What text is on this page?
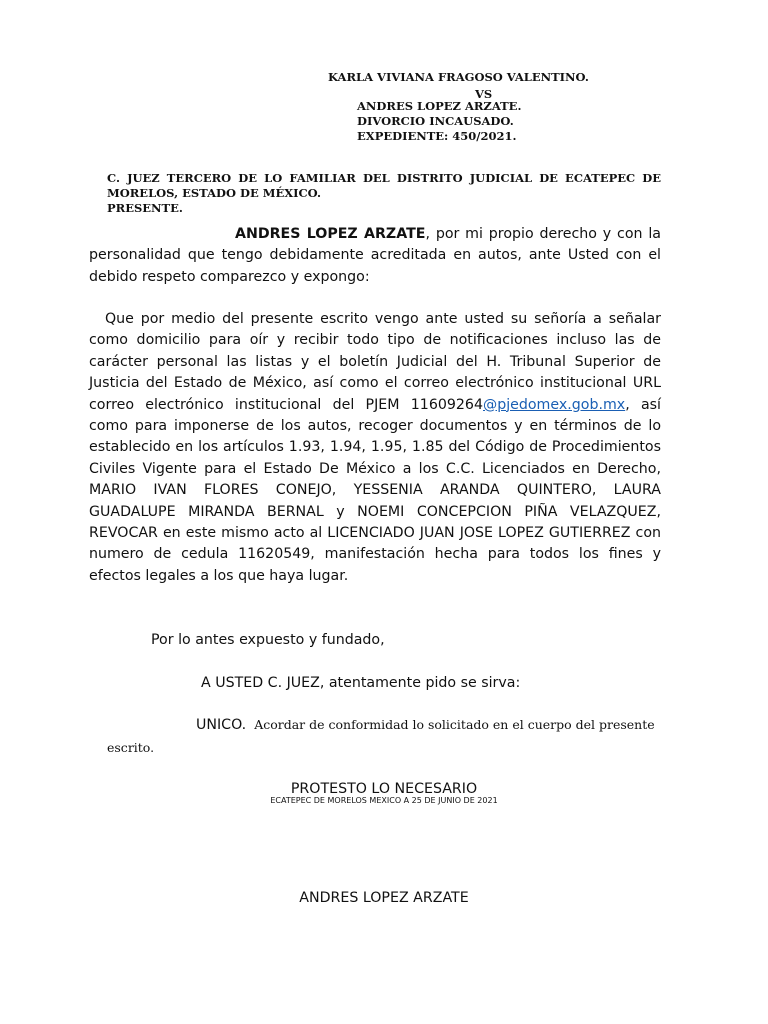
KARLA VIVIANA FRAGOSO VALENTINO.
VS
ANDRES LOPEZ ARZATE.
DIVORCIO INCAUSADO.
EXPEDIENTE: 450/2021.
C. JUEZ TERCERO DE LO FAMILIAR DEL DISTRITO JUDICIAL DE ECATEPEC DE
MORELOS, ESTADO DE MÉXICO.
PRESENTE.

ANDRES LOPEZ ARZATE, por mi propio derecho y con la personalidad que tengo debidamente acreditada en autos, ante Usted con el debido respeto comparezco y expongo:

Que por medio del presente escrito vengo ante usted su señoría a señalar como domicilio para oír y recibir todo tipo de notificaciones incluso las de carácter personal las listas y el boletín Judicial del H. Tribunal Superior de Justicia del Estado de México, así como el correo electrónico institucional URL correo electrónico institucional del PJEM 11609264@pjedomex.gob.mx, así como para imponerse de los autos, recoger documentos y en términos de lo establecido en los artículos 1.93, 1.94, 1.95, 1.85 del Código de Procedimientos Civiles Vigente para el Estado De México a los C.C. Licenciados en Derecho, MARIO IVAN FLORES CONEJO, YESSENIA ARANDA QUINTERO, LAURA GUADALUPE MIRANDA BERNAL y NOEMI CONCEPCION PIÑA VELAZQUEZ, REVOCAR en este mismo acto al LICENCIADO JUAN JOSE LOPEZ GUTIERREZ con numero de cedula 11620549, manifestación hecha para todos los fines y efectos legales a los que haya lugar.

Por lo antes expuesto y fundado,
A USTED C. JUEZ, atentamente pido se sirva:
UNICO. Acordar de conformidad lo solicitado en el cuerpo del presente
escrito.
PROTESTO LO NECESARIO
ECATEPEC DE MORELOS MEXICO A 25 DE JUNIO DE 2021
ANDRES LOPEZ ARZATE
